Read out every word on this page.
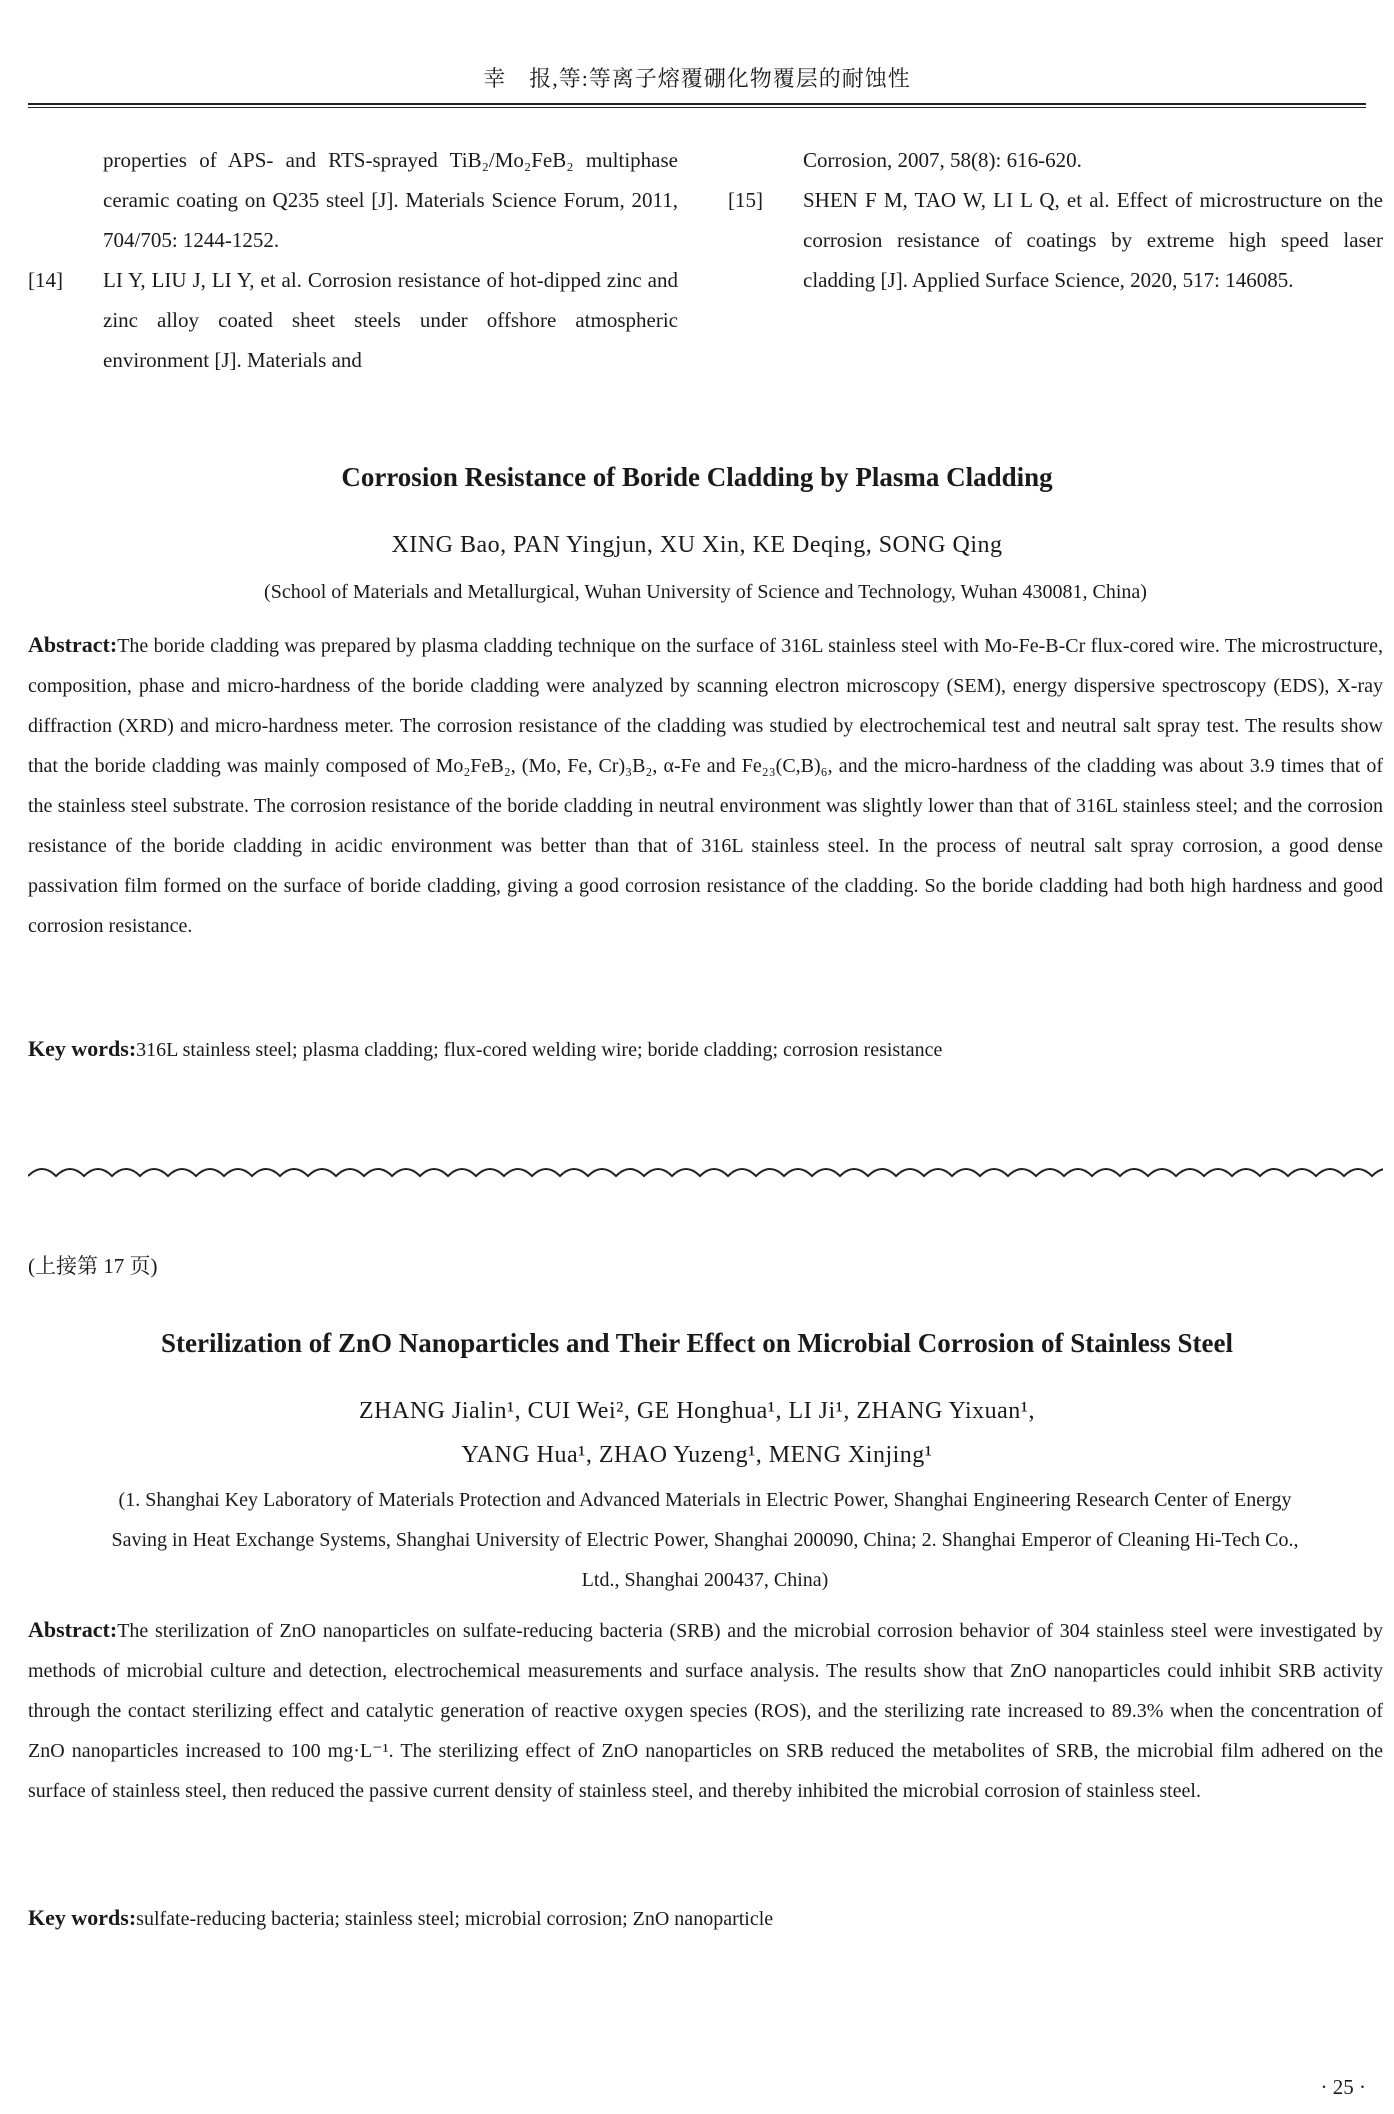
幸　报,等:等离子熔覆硼化物覆层的耐蚀性
properties of APS- and RTS-sprayed TiB₂/Mo₂FeB₂ multiphase ceramic coating on Q235 steel [J]. Materials Science Forum, 2011, 704/705: 1244-1252.
[14] LI Y, LIU J, LI Y, et al. Corrosion resistance of hot-dipped zinc and zinc alloy coated sheet steels under offshore atmospheric environment [J]. Materials and
Corrosion, 2007, 58(8): 616-620.
[15] SHEN F M, TAO W, LI L Q, et al. Effect of microstructure on the corrosion resistance of coatings by extreme high speed laser cladding [J]. Applied Surface Science, 2020, 517: 146085.
Corrosion Resistance of Boride Cladding by Plasma Cladding
XING Bao, PAN Yingjun, XU Xin, KE Deqing, SONG Qing
(School of Materials and Metallurgical, Wuhan University of Science and Technology, Wuhan 430081, China)
Abstract:The boride cladding was prepared by plasma cladding technique on the surface of 316L stainless steel with Mo-Fe-B-Cr flux-cored wire. The microstructure, composition, phase and micro-hardness of the boride cladding were analyzed by scanning electron microscopy (SEM), energy dispersive spectroscopy (EDS), X-ray diffraction (XRD) and micro-hardness meter. The corrosion resistance of the cladding was studied by electrochemical test and neutral salt spray test. The results show that the boride cladding was mainly composed of Mo₂FeB₂, (Mo, Fe, Cr)₃B₂, α-Fe and Fe₂₃(C,B)₆, and the micro-hardness of the cladding was about 3.9 times that of the stainless steel substrate. The corrosion resistance of the boride cladding in neutral environment was slightly lower than that of 316L stainless steel; and the corrosion resistance of the boride cladding in acidic environment was better than that of 316L stainless steel. In the process of neutral salt spray corrosion, a good dense passivation film formed on the surface of boride cladding, giving a good corrosion resistance of the cladding. So the boride cladding had both high hardness and good corrosion resistance.
Key words:316L stainless steel; plasma cladding; flux-cored welding wire; boride cladding; corrosion resistance
(上接第 17 页)
Sterilization of ZnO Nanoparticles and Their Effect on Microbial Corrosion of Stainless Steel
ZHANG Jialin¹, CUI Wei², GE Honghua¹, LI Ji¹, ZHANG Yixuan¹,
YANG Hua¹, ZHAO Yuzeng¹, MENG Xinjing¹
(1. Shanghai Key Laboratory of Materials Protection and Advanced Materials in Electric Power, Shanghai Engineering Research Center of Energy Saving in Heat Exchange Systems, Shanghai University of Electric Power, Shanghai 200090, China; 2. Shanghai Emperor of Cleaning Hi-Tech Co., Ltd., Shanghai 200437, China)
Abstract:The sterilization of ZnO nanoparticles on sulfate-reducing bacteria (SRB) and the microbial corrosion behavior of 304 stainless steel were investigated by methods of microbial culture and detection, electrochemical measurements and surface analysis. The results show that ZnO nanoparticles could inhibit SRB activity through the contact sterilizing effect and catalytic generation of reactive oxygen species (ROS), and the sterilizing rate increased to 89.3% when the concentration of ZnO nanoparticles increased to 100 mg·L⁻¹. The sterilizing effect of ZnO nanoparticles on SRB reduced the metabolites of SRB, the microbial film adhered on the surface of stainless steel, then reduced the passive current density of stainless steel, and thereby inhibited the microbial corrosion of stainless steel.
Key words:sulfate-reducing bacteria; stainless steel; microbial corrosion; ZnO nanoparticle
· 25 ·
